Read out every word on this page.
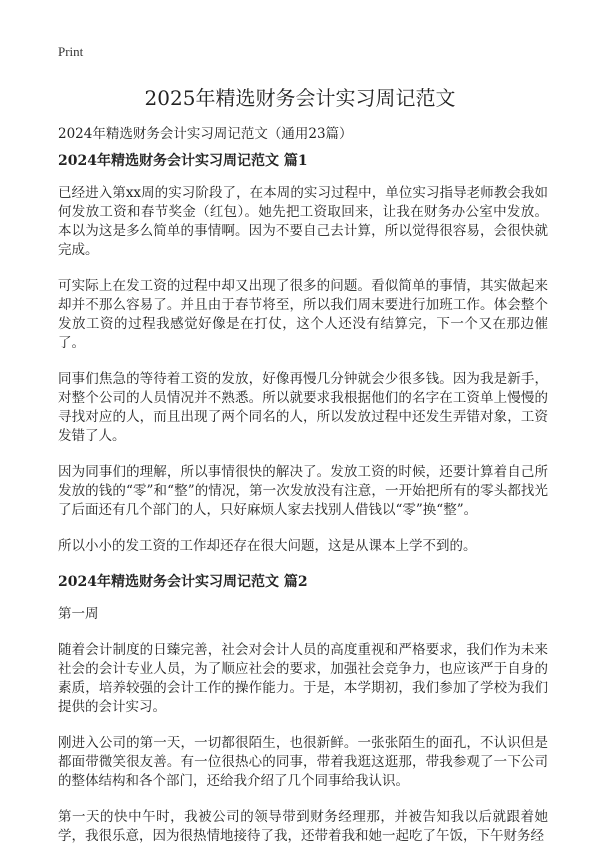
Print
2025年精选财务会计实习周记范文
2024年精选财务会计实习周记范文（通用23篇）
2024年精选财务会计实习周记范文 篇1

已经进入第xx周的实习阶段了，在本周的实习过程中，单位实习指导老师教会我如何发放工资和春节奖金（红包）。她先把工资取回来，让我在财务办公室中发放。本以为这是多么简单的事情啊。因为不要自己去计算，所以觉得很容易，会很快就完成。

可实际上在发工资的过程中却又出现了很多的问题。看似简单的事情，其实做起来却并不那么容易了。并且由于春节将至，所以我们周末要进行加班工作。体会整个发放工资的过程我感觉好像是在打仗，这个人还没有结算完，下一个又在那边催了。

同事们焦急的等待着工资的发放，好像再慢几分钟就会少很多钱。因为我是新手，对整个公司的人员情况并不熟悉。所以就要求我根据他们的名字在工资单上慢慢的寻找对应的人，而且出现了两个同名的人，所以发放过程中还发生弄错对象，工资发错了人。

因为同事们的理解，所以事情很快的解决了。发放工资的时候，还要计算着自己所发放的钱的“零”和“整”的情况，第一次发放没有注意，一开始把所有的零头都找光了后面还有几个部门的人，只好麻烦人家去找别人借钱以“零”换“整”。

所以小小的发工资的工作却还存在很大问题，这是从课本上学不到的。

2024年精选财务会计实习周记范文 篇2

第一周

随着会计制度的日臻完善，社会对会计人员的高度重视和严格要求，我们作为未来社会的会计专业人员，为了顺应社会的要求，加强社会竞争力，也应该严于自身的素质，培养较强的会计工作的操作能力。于是，本学期初，我们参加了学校为我们提供的会计实习。

刚进入公司的第一天，一切都很陌生，也很新鲜。一张张陌生的面孔，不认识但是都面带微笑很友善。有一位很热心的同事，带着我逛这逛那，带我参观了一下公司的整体结构和各个部门，还给我介绍了几个同事给我认识。

第一天的快中午时，我被公司的领导带到财务经理那，并被告知我以后就跟着她学，我很乐意，因为很热情地接待了我，还带着我和她一起吃了午饭，下午财务经
